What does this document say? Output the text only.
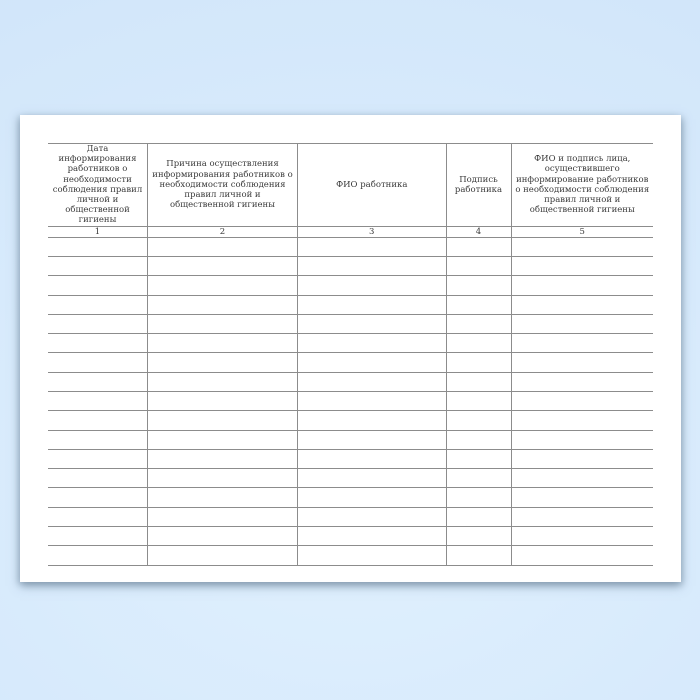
Дата информирования работников о необходимости соблюдения правил личной и общественной гигиены	Причина осуществления информирования работников о необходимости соблюдения правил личной и общественной гигиены	ФИО работника	Подпись работника	ФИО и подпись лица, осуществившего информирование работников о необходимости соблюдения правил личной и общественной гигиены
1	2	3	4	5
